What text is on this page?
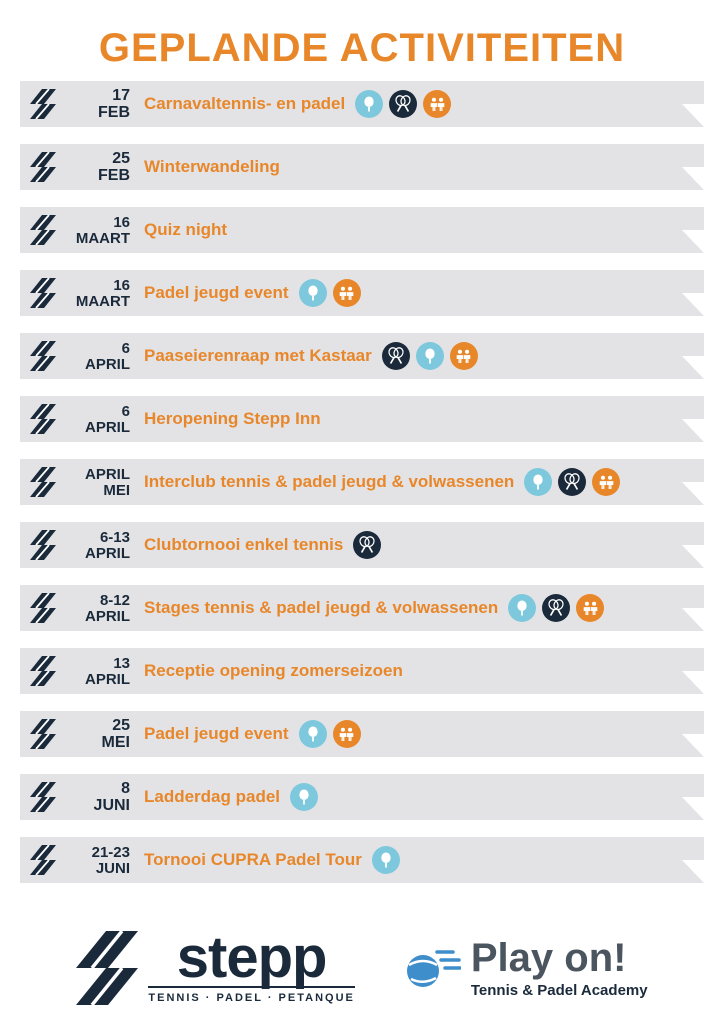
GEPLANDE ACTIVITEITEN
17
FEB Carnavaltennis- en padel
25
FEB Winterwandeling
16
MAART Quiz night
16
MAART Padel jeugd event
6
APRIL Paaseierenraap met Kastaar
6
APRIL Heropening Stepp Inn
APRIL
MEI Interclub tennis & padel jeugd & volwassenen
6-13
APRIL Clubtornooi enkel tennis
8-12
APRIL Stages tennis & padel jeugd & volwassenen
13
APRIL Receptie opening zomerseizoen
25
MEI Padel jeugd event
8
JUNI Ladderdag padel
21-23
JUNI Tornooi CUPRA Padel Tour
stepp
TENNIS · PADEL · PETANQUE
Play on!
Tennis & Padel Academy
